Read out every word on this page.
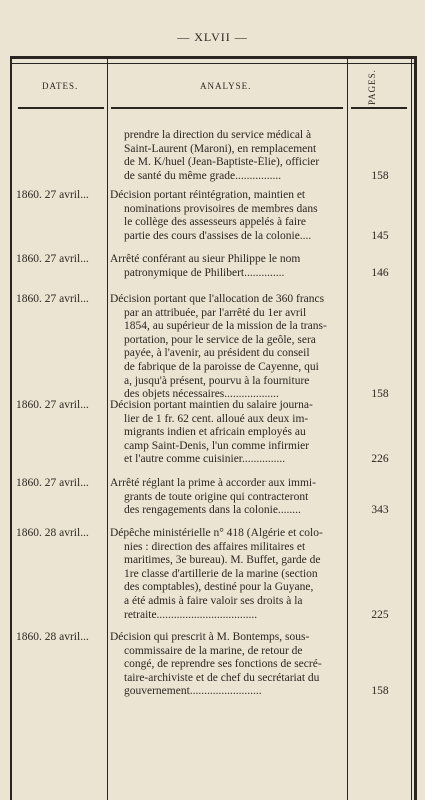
— XLVII —
DATES.	ANALYSE.	PAGES.
prendre la direction du service médical à
Saint-Laurent (Maroni), en remplacement
de M. K/huel (Jean-Baptiste-Élie), officier
de santé du même grade................	158
1860. 27 avril...	Décision portant réintégration, maintien et
nominations provisoires de membres dans
le collège des assesseurs appelés à faire
partie des cours d'assises de la colonie....	145
1860. 27 avril...	Arrêté conférant au sieur Philippe le nom
patronymique de Philibert..............	146
1860. 27 avril...	Décision portant que l'allocation de 360 francs
par an attribuée, par l'arrêté du 1er avril
1854, au supérieur de la mission de la trans-
portation, pour le service de la geôle, sera
payée, à l'avenir, au président du conseil
de fabrique de la paroisse de Cayenne, qui
a, jusqu'à présent, pourvu à la fourniture
des objets nécessaires...................	158
1860. 27 avril...	Décision portant maintien du salaire journa-
lier de 1 fr. 62 cent. alloué aux deux im-
migrants indien et africain employés au
camp Saint-Denis, l'un comme infirmier
et l'autre comme cuisinier...............	226
1860. 27 avril...	Arrêté réglant la prime à accorder aux immi-
grants de toute origine qui contracteront
des rengagements dans la colonie........	343
1860. 28 avril...	Dépêche ministérielle n° 418 (Algérie et colo-
nies : direction des affaires militaires et
maritimes, 3e bureau). M. Buffet, garde de
1re classe d'artillerie de la marine (section
des comptables), destiné pour la Guyane,
a été admis à faire valoir ses droits à la
retraite...................................	225
1860. 28 avril...	Décision qui prescrit à M. Bontemps, sous-
commissaire de la marine, de retour de
congé, de reprendre ses fonctions de secré-
taire-archiviste et de chef du secrétariat du
gouvernement.........................	158
